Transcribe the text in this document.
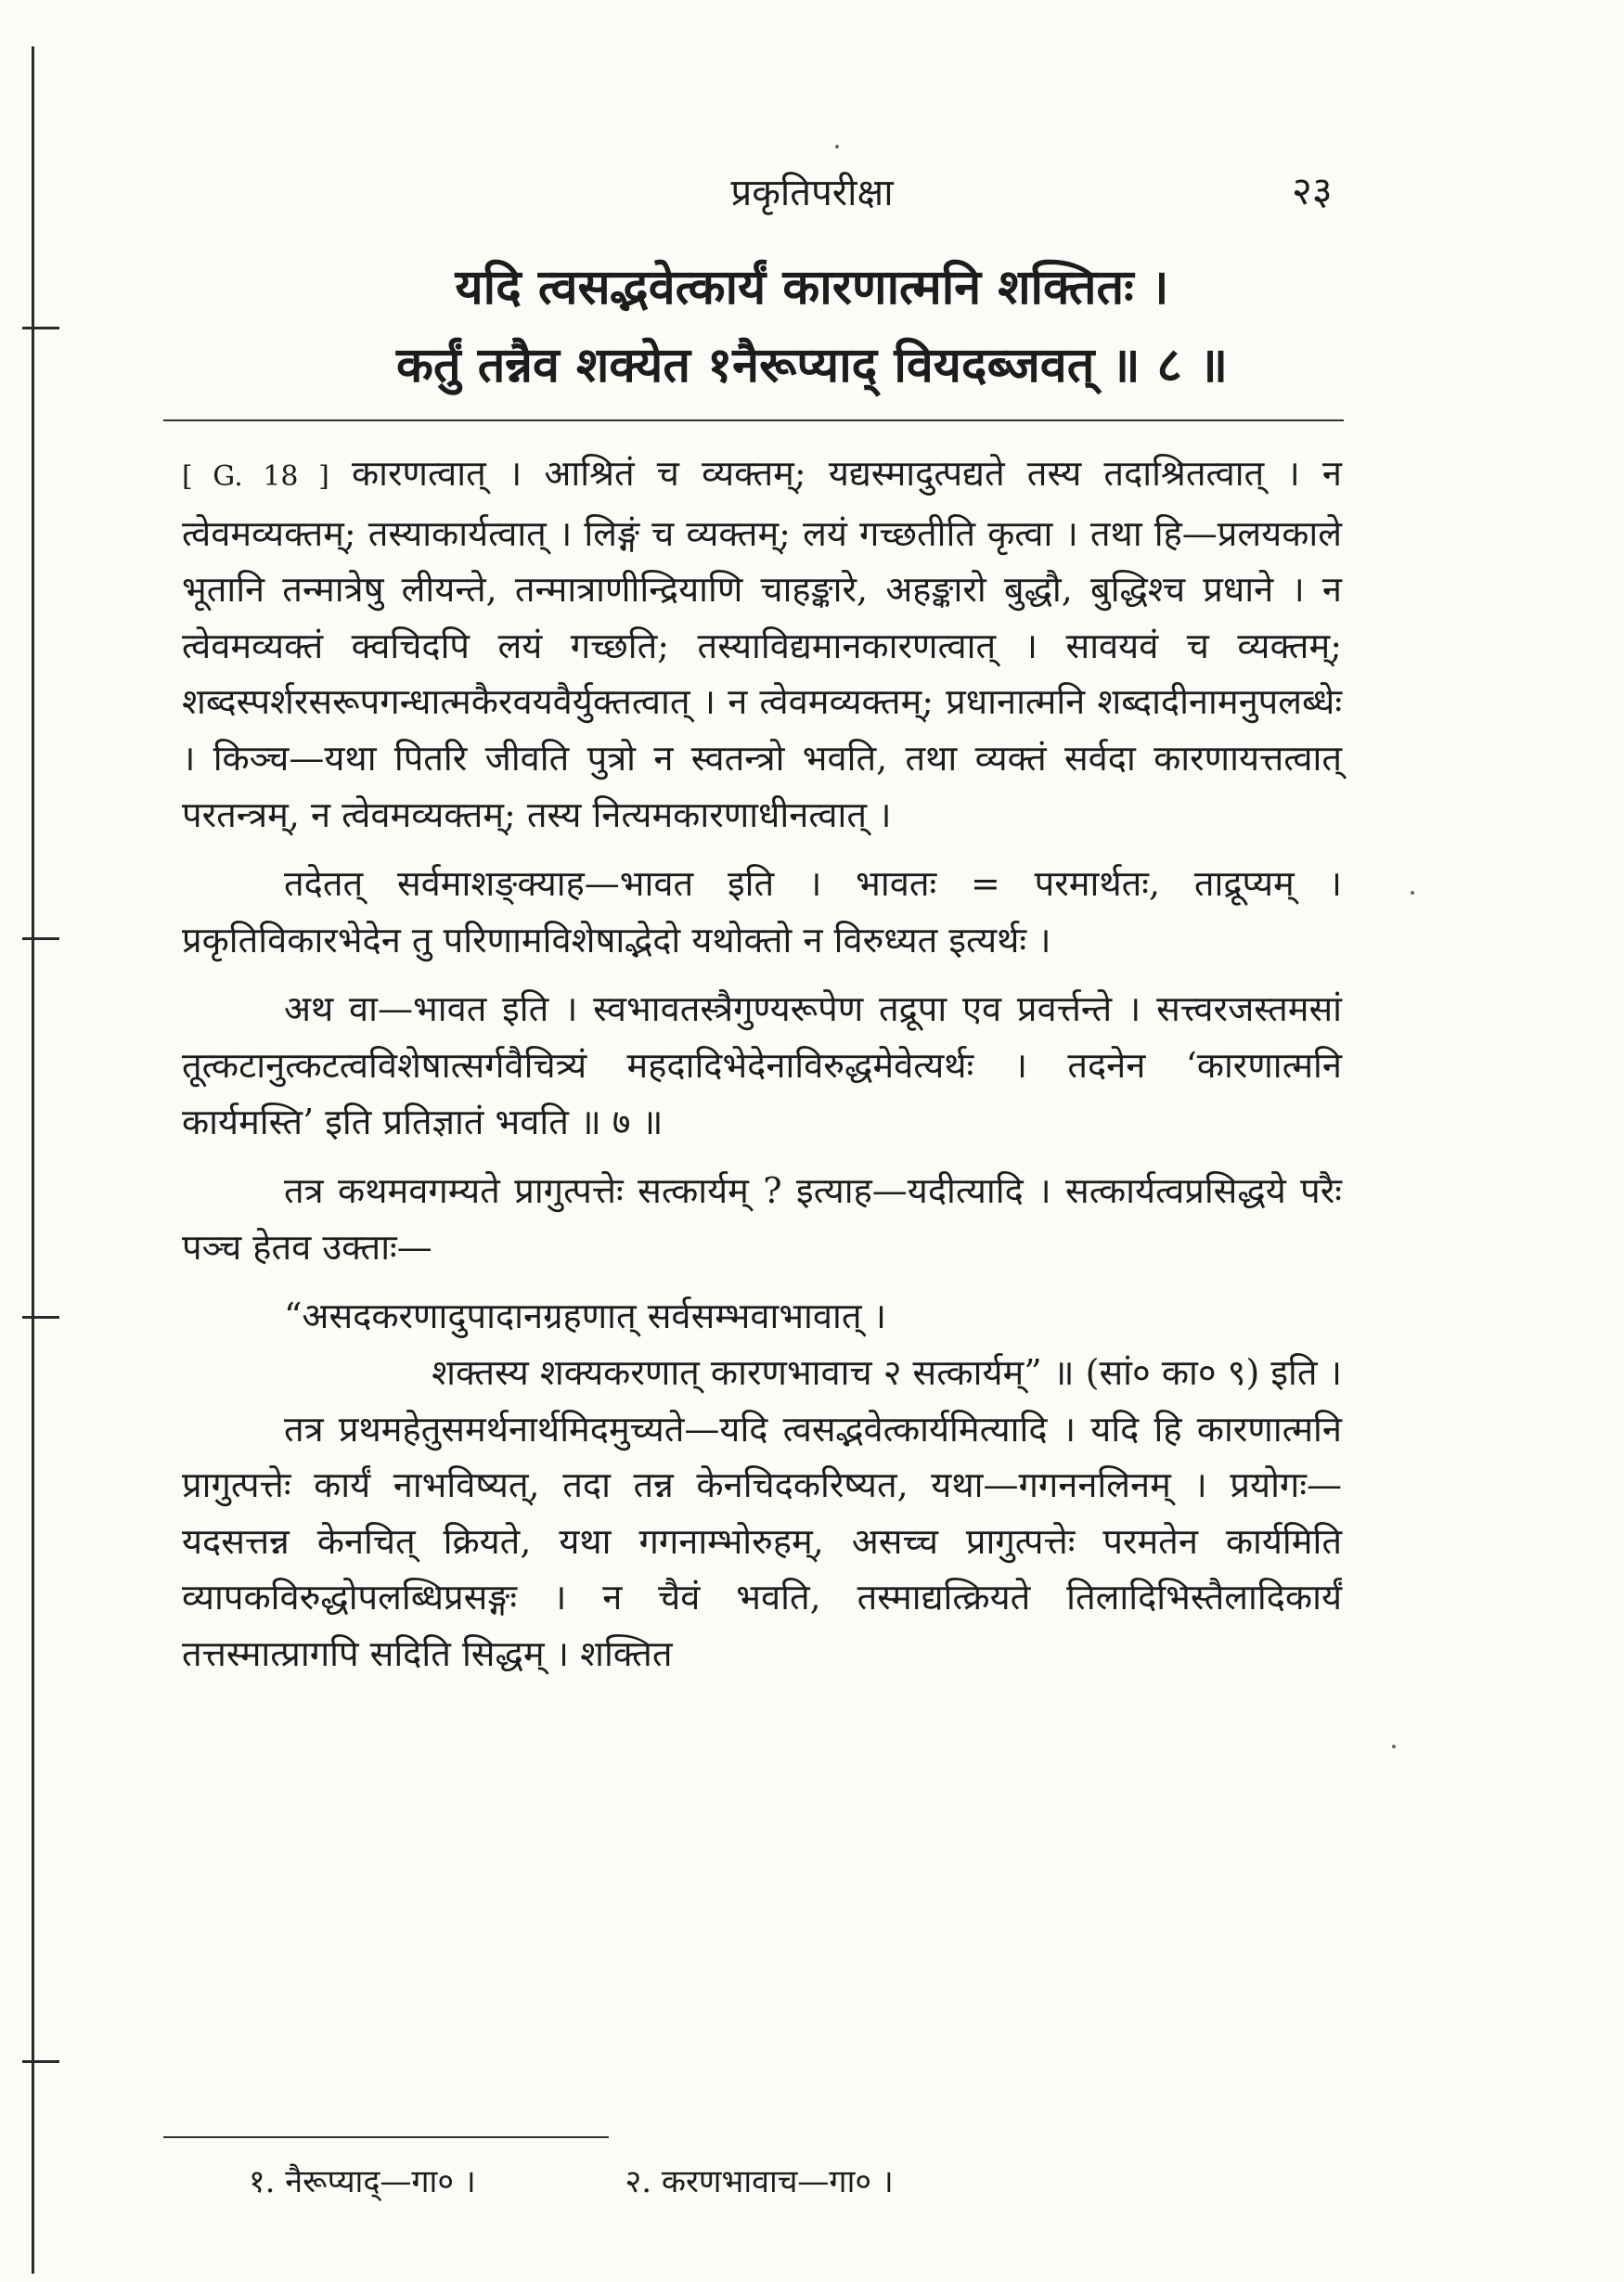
प्रकृतिपरीक्षा	२३
यदि त्वसद्भवेत्कार्यं कारणात्मनि शक्तितः ।
कर्तुं तन्नैव शक्येत १नैरूप्याद् वियदब्जवत् ॥ ८ ॥

[ G. 18 ] कारणत्वात् । आश्रितं च व्यक्तम्; यद्यस्मादुत्पद्यते तस्य तदाश्रितत्वात् । न त्वेवमव्यक्तम्; तस्याकार्यत्वात् । लिङ्गं च व्यक्तम्; लयं गच्छतीति कृत्वा । तथा हि—प्रलयकाले भूतानि तन्मात्रेषु लीयन्ते, तन्मात्राणीन्द्रियाणि चाहङ्कारे, अहङ्कारो बुद्धौ, बुद्धिश्च प्रधाने । न त्वेवमव्यक्तं क्वचिदपि लयं गच्छति; तस्याविद्यमानकारणत्वात् । सावयवं च व्यक्तम्; शब्दस्पर्शरसरूपगन्धात्मकैरवयवैर्युक्तत्वात् । न त्वेवमव्यक्तम्; प्रधानात्मनि शब्दादीनामनुपलब्धेः । किञ्च—यथा पितरि जीवति पुत्रो न स्वतन्त्रो भवति, तथा व्यक्तं सर्वदा कारणायत्तत्वात् परतन्त्रम्, न त्वेवमव्यक्तम्; तस्य नित्यमकारणाधीनत्वात् ।

तदेतत् सर्वमाशङ्क्याह—भावत इति । भावतः = परमार्थतः, ताद्रूप्यम् । प्रकृतिविकारभेदेन तु परिणामविशेषाद्भेदो यथोक्तो न विरुध्यत इत्यर्थः ।

अथ वा—भावत इति । स्वभावतस्त्रैगुण्यरूपेण तद्रूपा एव प्रवर्त्तन्ते । सत्त्वरजस्तमसां तूत्कटानुत्कटत्वविशेषात्सर्गवैचित्र्यं महदादिभेदेनाविरुद्धमेवेत्यर्थः । तदनेन ‘कारणात्मनि कार्यमस्ति’ इति प्रतिज्ञातं भवति ॥ ७ ॥

तत्र कथमवगम्यते प्रागुत्पत्तेः सत्कार्यम् ? इत्याह—यदीत्यादि । सत्कार्यत्वप्रसिद्धये परैः पञ्च हेतव उक्ताः—

“असदकरणादुपादानग्रहणात् सर्वसम्भवाभावात् ।

शक्तस्य शक्यकरणात् कारणभावाच २ सत्कार्यम्” ॥ (सां० का० ९) इति ।

तत्र प्रथमहेतुसमर्थनार्थमिदमुच्यते—यदि त्वसद्भवेत्कार्यमित्यादि । यदि हि कारणात्मनि प्रागुत्पत्तेः कार्यं नाभविष्यत्, तदा तन्न केनचिदकरिष्यत, यथा—गगननलिनम् । प्रयोगः—यदसत्तन्न केनचित् क्रियते, यथा गगनाम्भोरुहम्, असच्च प्रागुत्पत्तेः परमतेन कार्यमिति व्यापकविरुद्धोपलब्धिप्रसङ्गः । न चैवं भवति, तस्माद्यत्क्रियते तिलादिभिस्तैलादिकार्यं तत्तस्मात्प्रागपि सदिति सिद्धम् । शक्तित

१. नैरूप्याद्—गा० ।	२. करणभावाच—गा० ।
